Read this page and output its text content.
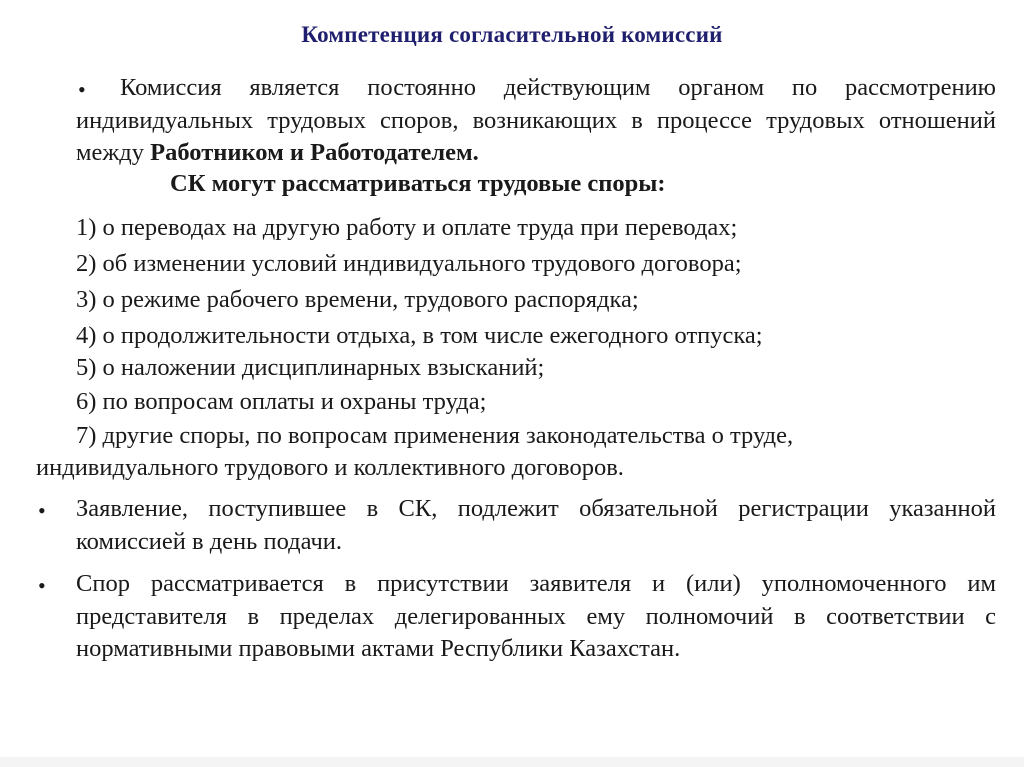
Компетенция согласительной комиссий
•	Комиссия является постоянно действующим органом по рассмотрению индивидуальных трудовых споров, возникающих в процессе трудовых отношений между Работником и Работодателем.
СК могут рассматриваться трудовые споры:
1) о переводах на другую работу и оплате труда при переводах;
2) об изменении условий индивидуального трудового договора;
3) о режиме рабочего времени, трудового распорядка;
4) о продолжительности отдыха, в том числе ежегодного отпуска;
5) о наложении дисциплинарных взысканий;
6) по вопросам оплаты и охраны труда;
7) другие споры, по вопросам применения законодательства о труде,
индивидуального трудового и коллективного договоров.
• Заявление, поступившее в СК, подлежит обязательной регистрации указанной комиссией в день подачи.
• Спор рассматривается в присутствии заявителя и (или) уполномоченного им представителя в пределах делегированных ему полномочий в соответствии с нормативными правовыми актами Республики Казахстан.
